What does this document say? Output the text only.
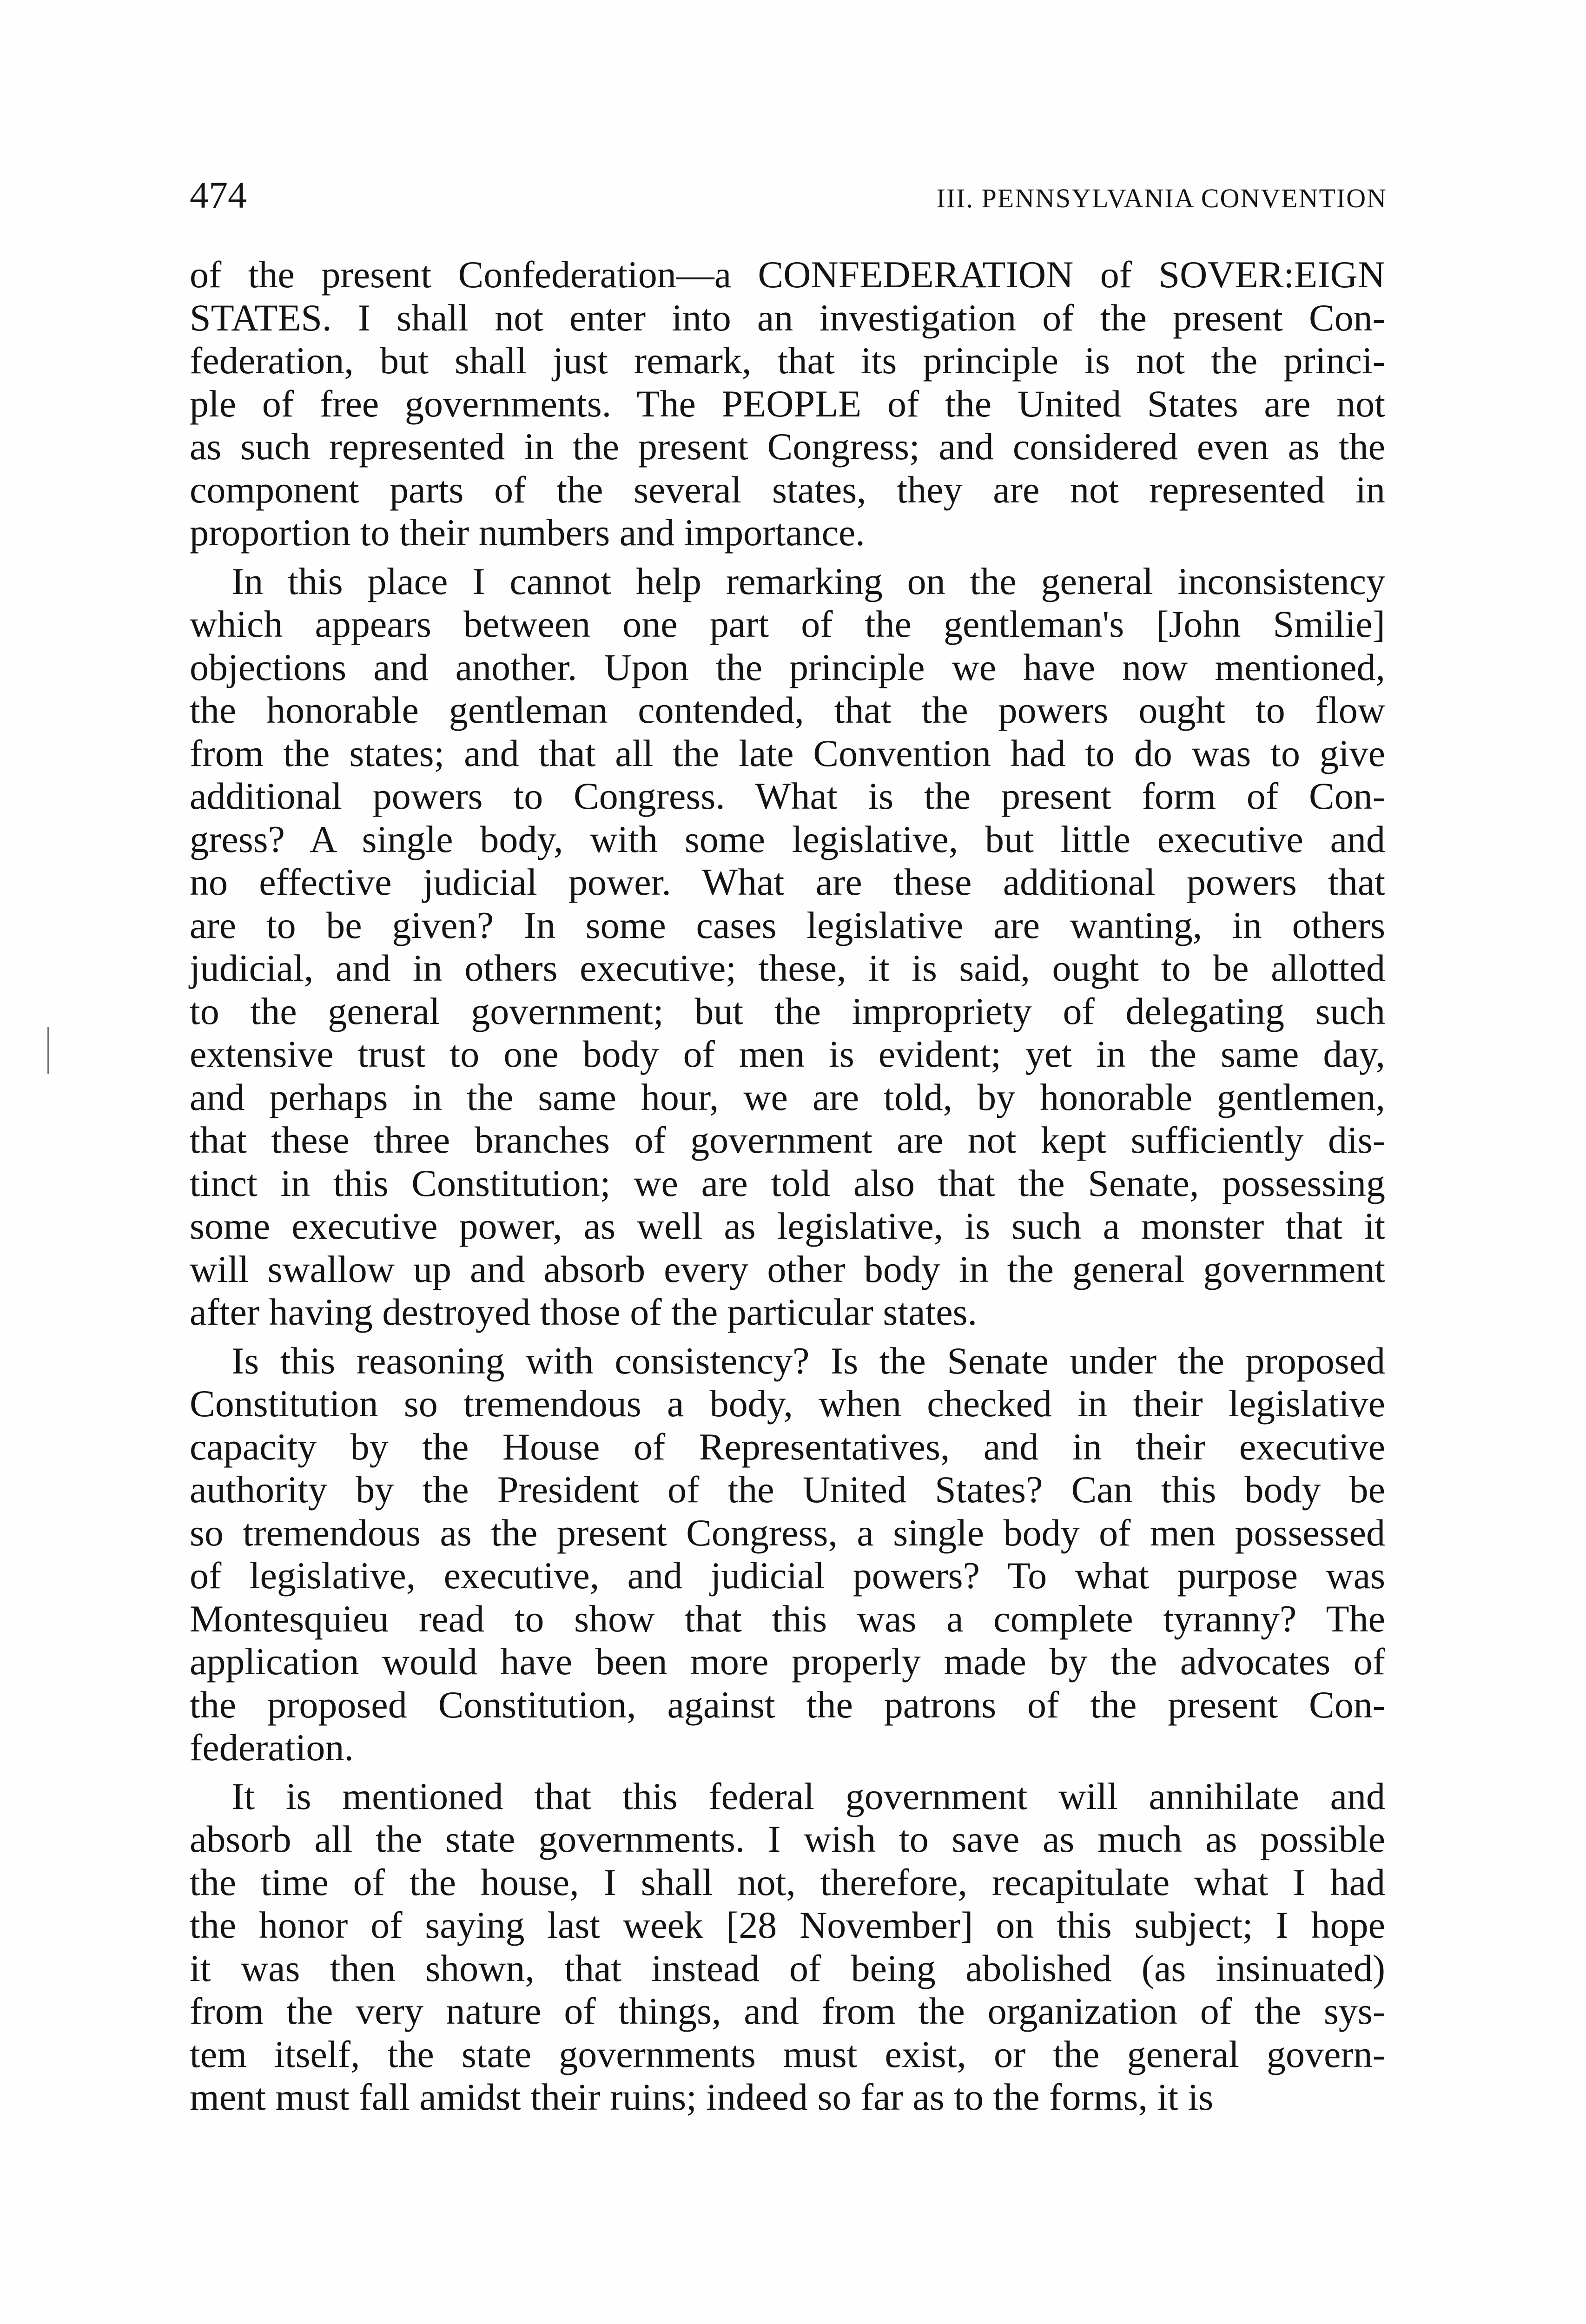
474	III. PENNSYLVANIA CONVENTION

of the present Confederation—a CONFEDERATION of SOVER:EIGN
STATES. I shall not enter into an investigation of the present Con-
federation, but shall just remark, that its principle is not the princi-
ple of free governments. The PEOPLE of the United States are not
as such represented in the present Congress; and considered even as the
component parts of the several states, they are not represented in
proportion to their numbers and importance.

In this place I cannot help remarking on the general inconsistency
which appears between one part of the gentleman's [John Smilie]
objections and another. Upon the principle we have now mentioned,
the honorable gentleman contended, that the powers ought to flow
from the states; and that all the late Convention had to do was to give
additional powers to Congress. What is the present form of Con-
gress? A single body, with some legislative, but little executive and
no effective judicial power. What are these additional powers that
are to be given? In some cases legislative are wanting, in others
judicial, and in others executive; these, it is said, ought to be allotted
to the general government; but the impropriety of delegating such
extensive trust to one body of men is evident; yet in the same day,
and perhaps in the same hour, we are told, by honorable gentlemen,
that these three branches of government are not kept sufficiently dis-
tinct in this Constitution; we are told also that the Senate, possessing
some executive power, as well as legislative, is such a monster that it
will swallow up and absorb every other body in the general government
after having destroyed those of the particular states.

Is this reasoning with consistency? Is the Senate under the proposed
Constitution so tremendous a body, when checked in their legislative
capacity by the House of Representatives, and in their executive
authority by the President of the United States? Can this body be
so tremendous as the present Congress, a single body of men possessed
of legislative, executive, and judicial powers? To what purpose was
Montesquieu read to show that this was a complete tyranny? The
application would have been more properly made by the advocates of
the proposed Constitution, against the patrons of the present Con-
federation.

It is mentioned that this federal government will annihilate and
absorb all the state governments. I wish to save as much as possible
the time of the house, I shall not, therefore, recapitulate what I had
the honor of saying last week [28 November] on this subject; I hope
it was then shown, that instead of being abolished (as insinuated)
from the very nature of things, and from the organization of the sys-
tem itself, the state governments must exist, or the general govern-
ment must fall amidst their ruins; indeed so far as to the forms, it is
